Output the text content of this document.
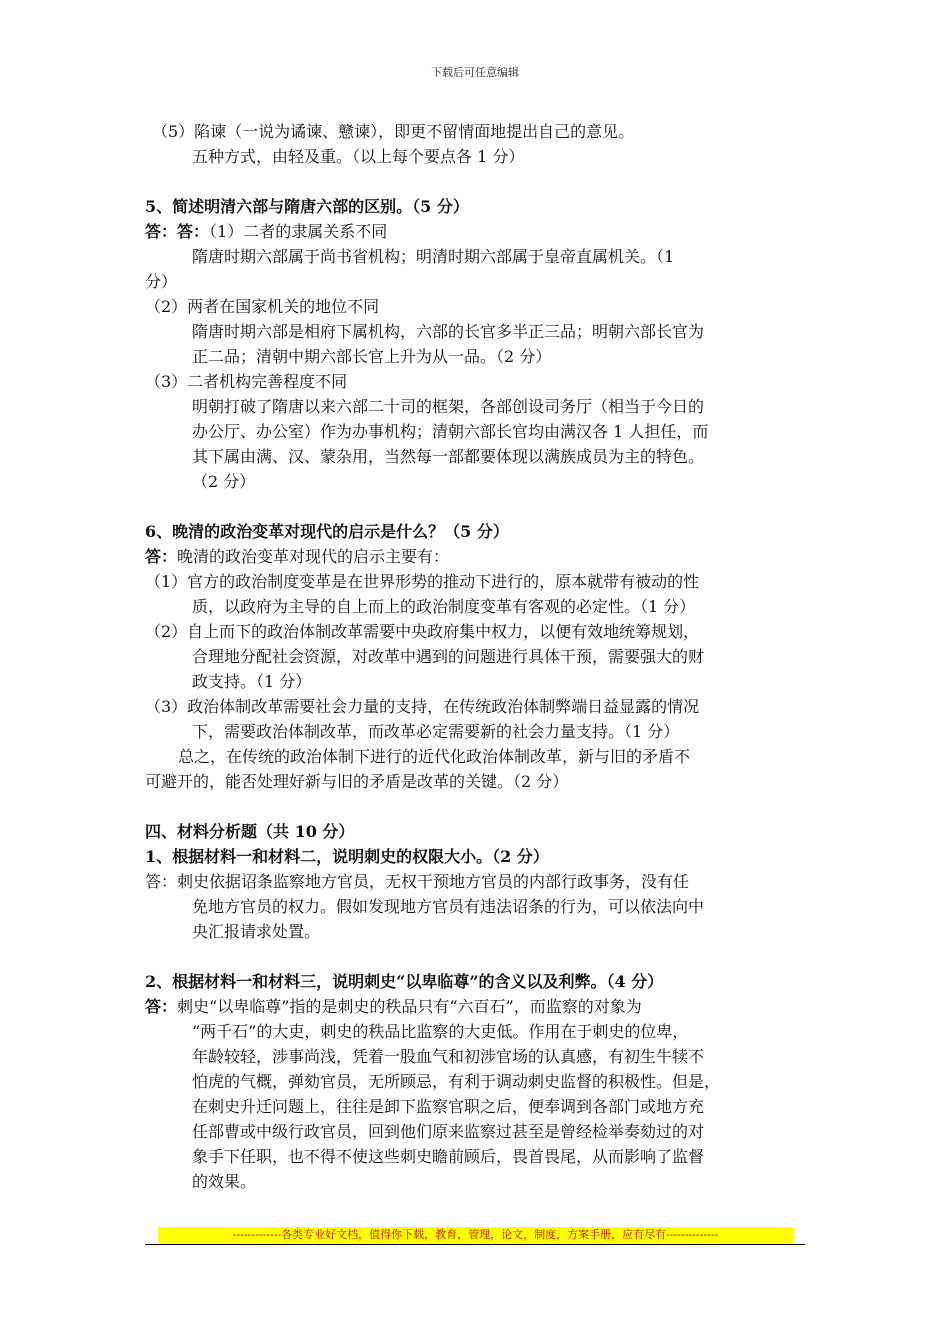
下载后可任意编辑
（5）陷谏（一说为谲谏、戆谏），即更不留情面地提出自己的意见。
五种方式，由轻及重。（以上每个要点各 1 分）
5、简述明清六部与隋唐六部的区别。（5 分）
答：答：（1）二者的隶属关系不同
隋唐时期六部属于尚书省机构；明清时期六部属于皇帝直属机关。（1
分）
（2）两者在国家机关的地位不同
隋唐时期六部是相府下属机构，六部的长官多半正三品；明朝六部长官为
正二品；清朝中期六部长官上升为从一品。（2 分）
（3）二者机构完善程度不同
明朝打破了隋唐以来六部二十司的框架，各部创设司务厅（相当于今日的
办公厅、办公室）作为办事机构；清朝六部长官均由满汉各 1 人担任，而
其下属由满、汉、蒙杂用，当然每一部都要体现以满族成员为主的特色。
（2 分）
6、晚清的政治变革对现代的启示是什么？（5 分）
答：晚清的政治变革对现代的启示主要有：
（1）官方的政治制度变革是在世界形势的推动下进行的，原本就带有被动的性
质，以政府为主导的自上而上的政治制度变革有客观的必定性。（1 分）
（2）自上而下的政治体制改革需要中央政府集中权力，以便有效地统筹规划，
合理地分配社会资源，对改革中遇到的问题进行具体干预，需要强大的财
政支持。（1 分）
（3）政治体制改革需要社会力量的支持，在传统政治体制弊端日益显露的情况
下，需要政治体制改革，而改革必定需要新的社会力量支持。（1 分）
总之，在传统的政治体制下进行的近代化政治体制改革，新与旧的矛盾不
可避开的，能否处理好新与旧的矛盾是改革的关键。（2 分）
四、材料分析题（共 10 分）
1、根据材料一和材料二，说明刺史的权限大小。（2 分）
答：刺史依据诏条监察地方官员，无权干预地方官员的内部行政事务，没有任
免地方官员的权力。假如发现地方官员有违法诏条的行为，可以依法向中
央汇报请求处置。
2、根据材料一和材料三，说明刺史“以卑临尊”的含义以及利弊。（4 分）
答：刺史“以卑临尊”指的是刺史的秩品只有“六百石”，而监察的对象为
“两千石”的大吏，刺史的秩品比监察的大吏低。作用在于刺史的位卑，
年龄较轻，涉事尚浅，凭着一股血气和初涉官场的认真感，有初生牛犊不
怕虎的气概，弹劾官员，无所顾忌，有利于调动刺史监督的积极性。但是，
在刺史升迁问题上，往往是卸下监察官职之后，便奉调到各部门或地方充
任部曹或中级行政官员，回到他们原来监察过甚至是曾经检举奏劾过的对
象手下任职，也不得不使这些刺史瞻前顾后，畏首畏尾，从而影响了监督
的效果。
-------------各类专业好文档，值得你下载，教育，管理，论文，制度，方案手册，应有尽有--------------
